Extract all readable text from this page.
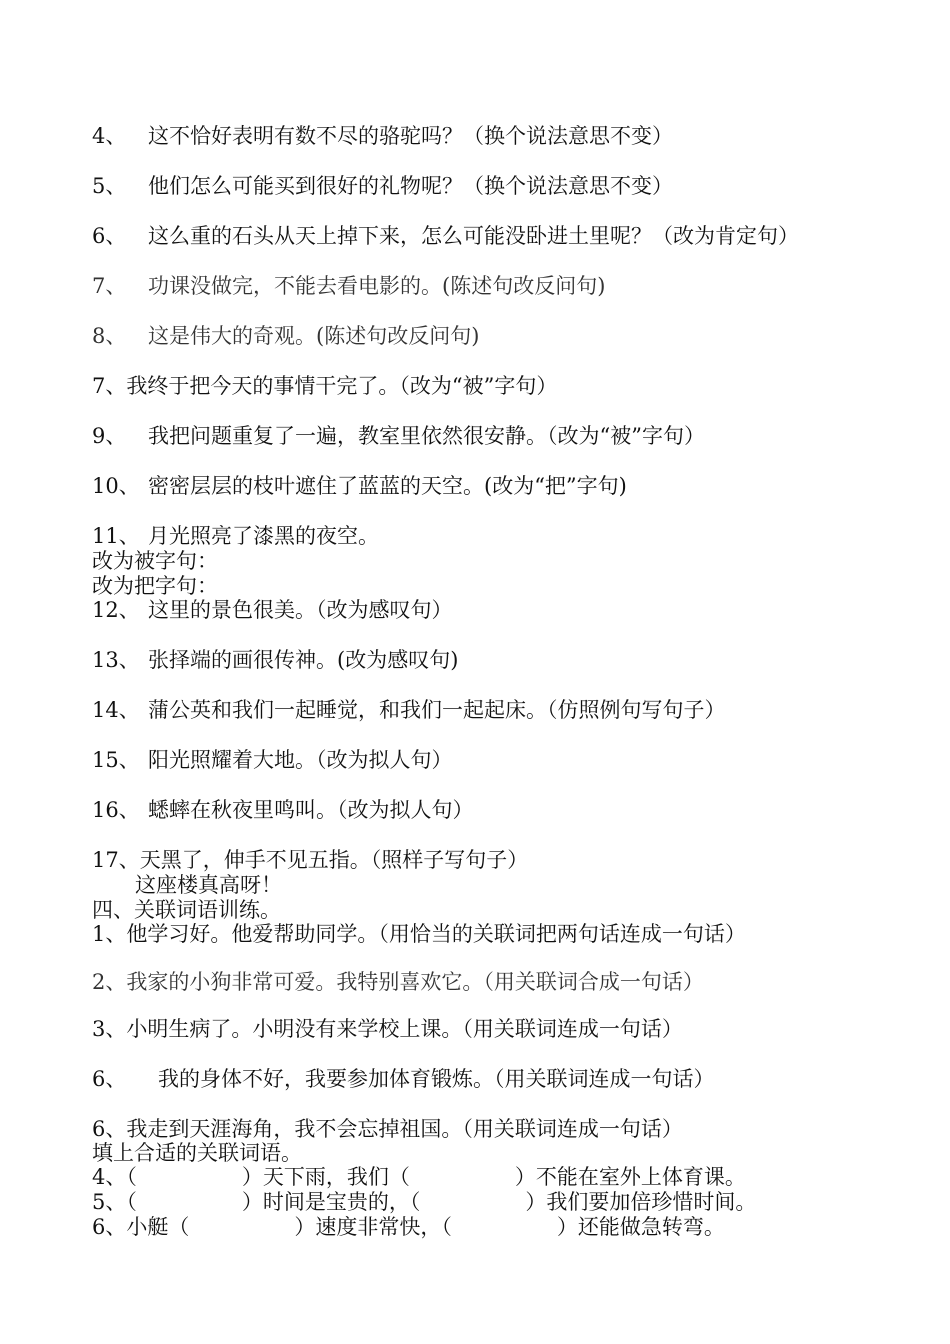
4、 这不恰好表明有数不尽的骆驼吗？（换个说法意思不变）
5、 他们怎么可能买到很好的礼物呢？（换个说法意思不变）
6、 这么重的石头从天上掉下来，怎么可能没卧进土里呢？（改为肯定句）
7、 功课没做完，不能去看电影的。(陈述句改反问句)
8、 这是伟大的奇观。(陈述句改反问句)
7、我终于把今天的事情干完了。（改为“被”字句）
9、 我把问题重复了一遍，教室里依然很安静。（改为“被”字句）
10、 密密层层的枝叶遮住了蓝蓝的天空。(改为“把”字句)
11、 月光照亮了漆黑的夜空。
改为被字句：
改为把字句：
12、 这里的景色很美。（改为感叹句）
13、 张择端的画很传神。(改为感叹句)
14、 蒲公英和我们一起睡觉，和我们一起起床。（仿照例句写句子）
15、 阳光照耀着大地。（改为拟人句）
16、 蟋蟀在秋夜里鸣叫。（改为拟人句）
17、天黑了，伸手不见五指。（照样子写句子）
这座楼真高呀！
四、关联词语训练。
1、他学习好。他爱帮助同学。（用恰当的关联词把两句话连成一句话）
2、我家的小狗非常可爱。我特别喜欢它。（用关联词合成一句话）
3、小明生病了。小明没有来学校上课。（用关联词连成一句话）
6、 我的身体不好，我要参加体育锻炼。（用关联词连成一句话）
6、我走到天涯海角，我不会忘掉祖国。（用关联词连成一句话）
填上合适的关联词语。
4、（　　　　　）天下雨，我们（　　　　　）不能在室外上体育课。
5、（　　　　　）时间是宝贵的，（　　　　　）我们要加倍珍惜时间。
6、小艇（　　　　　）速度非常快，（　　　　　）还能做急转弯。
